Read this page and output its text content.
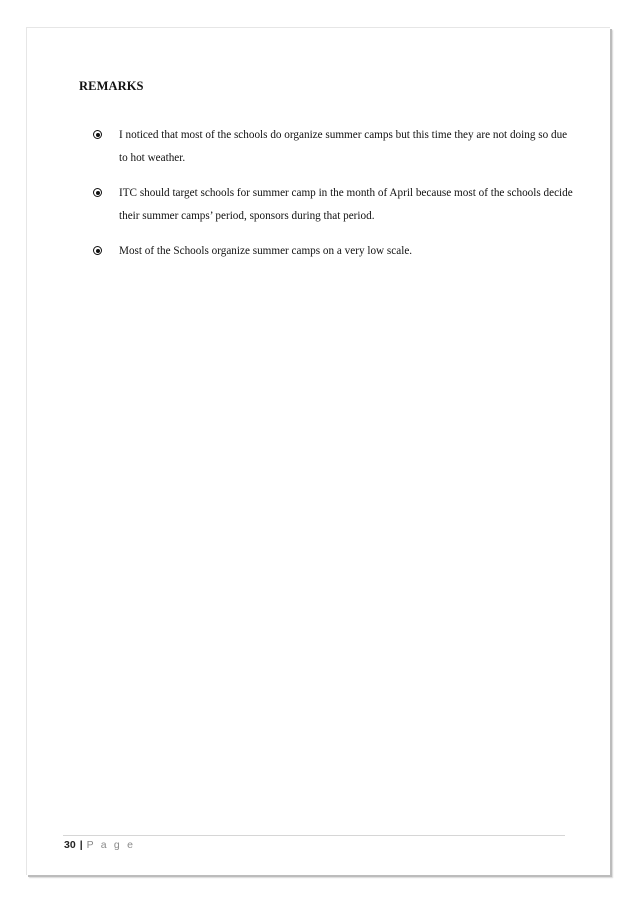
REMARKS
I noticed that most of the schools do organize summer camps but this time they are not doing so due to hot weather.
ITC should target schools for summer camp in the month of April because most of the schools decide their summer camps’ period, sponsors during that period.
Most of the Schools organize summer camps on a very low scale.
30 | P a g e
